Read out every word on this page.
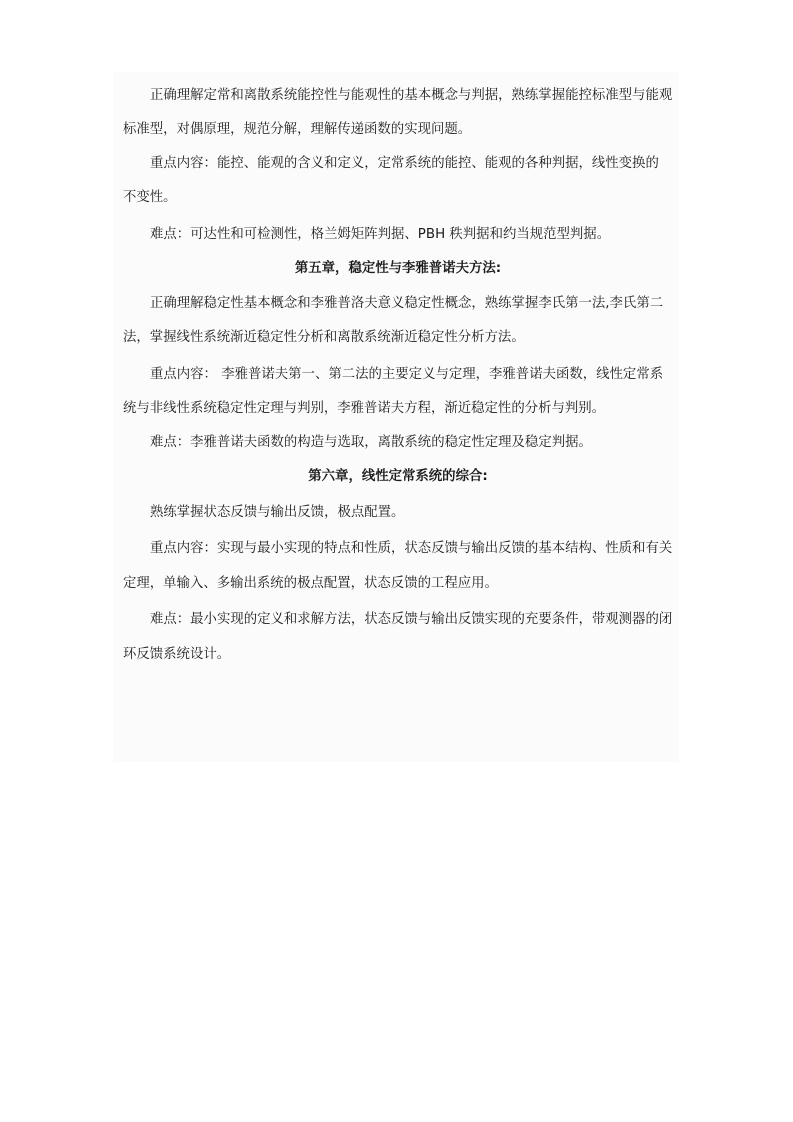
正确理解定常和离散系统能控性与能观性的基本概念与判据，熟练掌握能控标准型与能观
标准型，对偶原理，规范分解，理解传递函数的实现问题。
重点内容：能控、能观的含义和定义，定常系统的能控、能观的各种判据，线性变换的
不变性。
难点：可达性和可检测性，格兰姆矩阵判据、PBH 秩判据和约当规范型判据。
第五章，稳定性与李雅普诺夫方法:
正确理解稳定性基本概念和李雅普洛夫意义稳定性概念，熟练掌握李氏第一法,李氏第二
法，掌握线性系统渐近稳定性分析和离散系统渐近稳定性分析方法。
重点内容： 李雅普诺夫第一、第二法的主要定义与定理，李雅普诺夫函数，线性定常系
统与非线性系统稳定性定理与判别，李雅普诺夫方程，渐近稳定性的分析与判别。
难点：李雅普诺夫函数的构造与选取，离散系统的稳定性定理及稳定判据。
第六章，线性定常系统的综合:
熟练掌握状态反馈与输出反馈，极点配置。
重点内容：实现与最小实现的特点和性质，状态反馈与输出反馈的基本结构、性质和有关
定理，单输入、多输出系统的极点配置，状态反馈的工程应用。
难点：最小实现的定义和求解方法，状态反馈与输出反馈实现的充要条件，带观测器的闭
环反馈系统设计。
